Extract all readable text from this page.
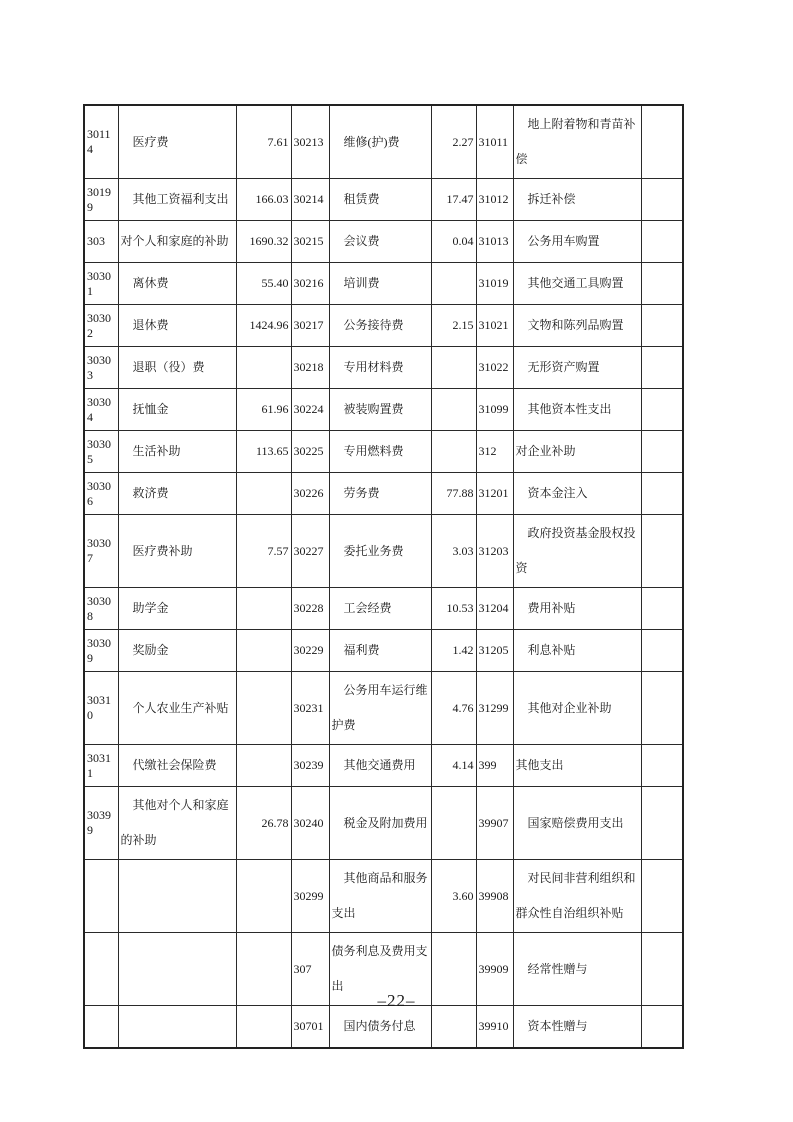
30114	医疗费	7.61	30213	维修(护)费	2.27	31011	地上附着物和青苗补偿	
30199	其他工资福利支出	166.03	30214	租赁费	17.47	31012	拆迁补偿	
303	对个人和家庭的补助	1690.32	30215	会议费	0.04	31013	公务用车购置	
30301	离休费	55.40	30216	培训费		31019	其他交通工具购置	
30302	退休费	1424.96	30217	公务接待费	2.15	31021	文物和陈列品购置	
30303	退职（役）费		30218	专用材料费		31022	无形资产购置	
30304	抚恤金	61.96	30224	被装购置费		31099	其他资本性支出	
30305	生活补助	113.65	30225	专用燃料费		312	对企业补助	
30306	救济费		30226	劳务费	77.88	31201	资本金注入	
30307	医疗费补助	7.57	30227	委托业务费	3.03	31203	政府投资基金股权投资	
30308	助学金		30228	工会经费	10.53	31204	费用补贴	
30309	奖励金		30229	福利费	1.42	31205	利息补贴	
30310	个人农业生产补贴		30231	公务用车运行维护费	4.76	31299	其他对企业补助	
30311	代缴社会保险费		30239	其他交通费用	4.14	399	其他支出	
30399	其他对个人和家庭的补助	26.78	30240	税金及附加费用		39907	国家赔偿费用支出	
			30299	其他商品和服务支出	3.60	39908	对民间非营利组织和群众性自治组织补贴	
			307	债务利息及费用支出		39909	经常性赠与	
			30701	国内债务付息		39910	资本性赠与	
–22–
